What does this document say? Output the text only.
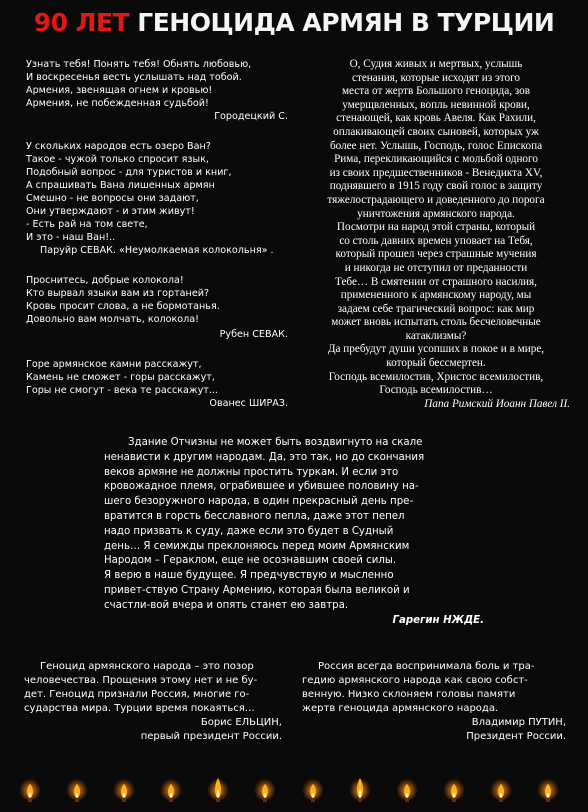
90 ЛЕТ ГЕНОЦИДА АРМЯН В ТУРЦИИ
Узнать тебя! Понять тебя! Обнять любовью,
И воскресенья весть услышать над тобой.
Армения, звенящая огнем и кровью!
Армения, не побежденная судьбой!
Городецкий С.
У скольких народов есть озеро Ван?
Такое - чужой только спросит язык,
Подобный вопрос - для туристов и книг,
А спрашивать Вана лишенных армян
Смешно - не вопросы они задают,
Они утверждают - и этим живут!
- Есть рай на том свете,
И это - наш Ван!..
Паруйр СЕВАК. «Неумолкаемая колокольня» .
Проснитесь, добрые колокола!
Кто вырвал языки вам из гортаней?
Кровь просит слова, а не бормотанья.
Довольно вам молчать, колокола!
Рубен СЕВАК.
Горе армянское камни расскажут,
Камень не сможет - горы расскажут,
Горы не смогут - века те расскажут...
Ованес ШИРАЗ.
О, Судия живых и мертвых, услышь
стенания, которые исходят из этого
места от жертв Большого геноцида, зов
умерщвленных, вопль невинной крови,
стенающей, как кровь Авеля. Как Рахили,
оплакивающей своих сыновей, которых уж
более нет. Услышь, Господь, голос Епископа
Рима, перекликающийся с мольбой одного
из своих предшественников - Венедикта XV,
поднявшего в 1915 году свой голос в защиту
тяжелострадающего и доведенного до порога
уничтожения армянского народа.
Посмотри на народ этой страны, который
со столь давних времен уповает на Тебя,
который прошел через страшные мучения
и никогда не отступил от преданности
Тебе… В смятении от страшного насилия,
примененного к армянскому народу, мы
задаем себе трагический вопрос: как мир
может вновь испытать столь бесчеловечные
катаклизмы?
Да пребудут души усопших в покое и в мире,
который бессмертен.
Господь всемилостив, Христос всемилостив,
Господь всемилостив…
Папа Римский Иоанн Павел II.
Здание Отчизны не может быть воздвигнуто на скале
ненависти к другим народам. Да, это так, но до скончания
веков армяне не должны простить туркам. И если это
кровожадное племя, ограбившее и убившее половину на-
шего безоружного народа, в один прекрасный день пре-
вратится в горсть бесславного пепла, даже этот пепел
надо призвать к суду, даже если это будет в Судный
день… Я семижды преклоняюсь перед моим Армянским
Народом – Гераклом, еще не осознавшим своей силы.
Я верю в наше будущее. Я предчувствую и мысленно
привет-ствую Страну Армению, которая была великой и
счастли-вой вчера и опять станет ею завтра.
Гарегин НЖДЕ.
Геноцид армянского народа – это позор
человечества. Прощения этому нет и не бу-
дет. Геноцид признали Россия, многие го-
сударства мира. Турции время покаяться…
Борис ЕЛЬЦИН,
первый президент России.
Россия всегда воспринимала боль и тра-
гедию армянского народа как свою собст-
венную. Низко склоняем головы памяти
жертв геноцида армянского народа.
Владимир ПУТИН,
Президент России.
